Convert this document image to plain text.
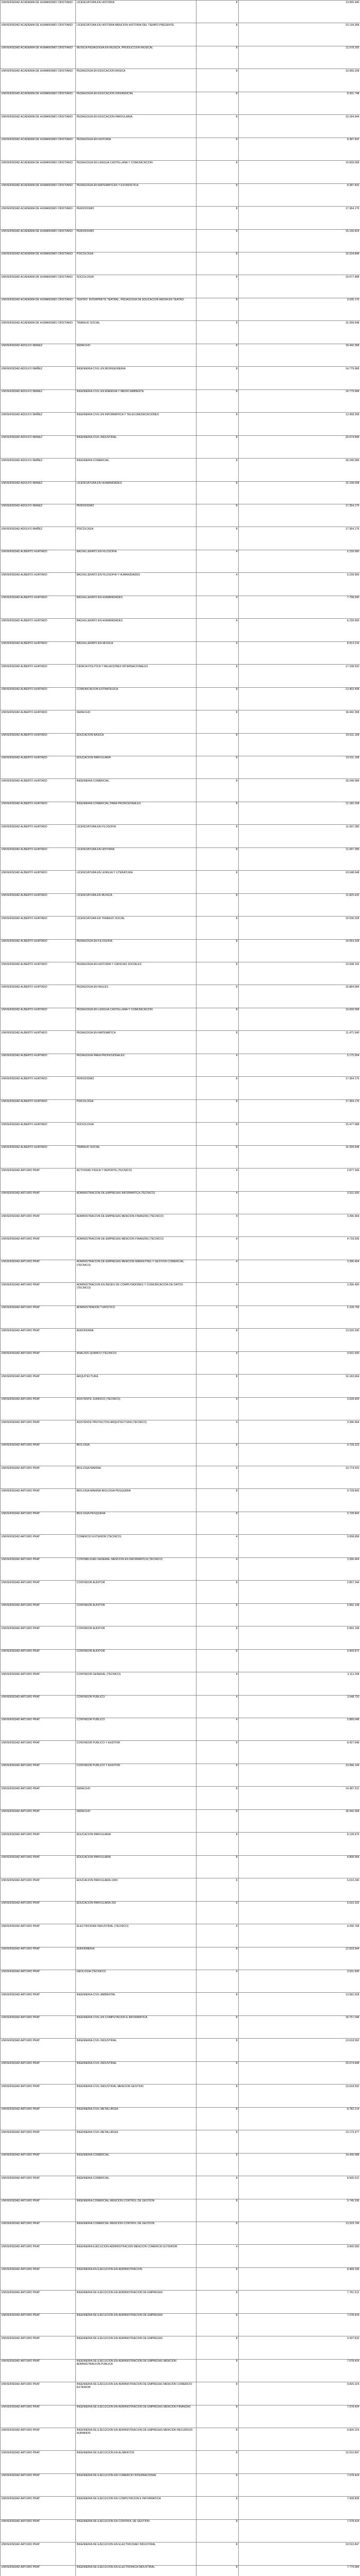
UNIVERSIDAD ACADEMIA DE HUMANISMO CRISTIANO	LICENCIATURA EN HISTORIA	8	13.565.440
UNIVERSIDAD ACADEMIA DE HUMANISMO CRISTIANO	LICENCIATURA EN HISTORIA MENCION HISTORIA DEL TIEMPO PRESENTE	8	10.134.368
UNIVERSIDAD ACADEMIA DE HUMANISMO CRISTIANO	MUSICA PEDAGOGIA EN MUSICA, PRODUCCION MUSICAL	8	11.578.255
UNIVERSIDAD ACADEMIA DE HUMANISMO CRISTIANO	PEDAGOGIA EN EDUCACION BASICA	8	10.955.208
UNIVERSIDAD ACADEMIA DE HUMANISMO CRISTIANO	PEDAGOGIA EN EDUCACION DIFERENCIAL	8	8.201.748
UNIVERSIDAD ACADEMIA DE HUMANISMO CRISTIANO	PEDAGOGIA EN EDUCACION PARVULARIA	8	10.184.944
UNIVERSIDAD ACADEMIA DE HUMANISMO CRISTIANO	PEDAGOGIA EN HISTORIA	8	8.387.832
UNIVERSIDAD ACADEMIA DE HUMANISMO CRISTIANO	PEDAGOGIA EN LENGUA CASTELLANA Y COMUNICACION	8	10.609.568
UNIVERSIDAD ACADEMIA DE HUMANISMO CRISTIANO	PEDAGOGIA EN MATEMATICAS Y ESTADISTICA	8	8.387.832
UNIVERSIDAD ACADEMIA DE HUMANISMO CRISTIANO	PERIODISMO	8	17.364.176
UNIVERSIDAD ACADEMIA DE HUMANISMO CRISTIANO	PERIODISMO	8	15.150.824
UNIVERSIDAD ACADEMIA DE HUMANISMO CRISTIANO	PSICOLOGIA	8	16.534.848
UNIVERSIDAD ACADEMIA DE HUMANISMO CRISTIANO	SOCIOLOGIA	8	14.577.488
UNIVERSIDAD ACADEMIA DE HUMANISMO CRISTIANO	TEATRO: INTERPRETE TEATRAL, PEDAGOGIA DE EDUCACION MEDIA EN TEATRO	8	9.030.176
UNIVERSIDAD ACADEMIA DE HUMANISMO CRISTIANO	TRABAJO SOCIAL	8	16.399.648
UNIVERSIDAD ADOLFO IBAÑEZ	DERECHO	8	18.442.368
UNIVERSIDAD ADOLFO IBAÑEZ	INGENIERIA CIVIL EN BIOINGENIERIA	8	14.779.968
UNIVERSIDAD ADOLFO IBAÑEZ	INGENIERIA CIVIL EN ENERGIA Y MEDIO AMBIENTE	8	14.779.968
UNIVERSIDAD ADOLFO IBAÑEZ	INGENIERIA CIVIL EN INFORMATICA Y TELECOMUNICACIONES	8	13.458.308
UNIVERSIDAD ADOLFO IBAÑEZ	INGENIERIA CIVIL INDUSTRIAL	8	20.674.848
UNIVERSIDAD ADOLFO IBAÑEZ	INGENIERIA COMERCIAL	8	18.240.584
UNIVERSIDAD ADOLFO IBAÑEZ	LICENCIATURA EN HUMANIDADES	8	15.108.008
UNIVERSIDAD ADOLFO IBAÑEZ	PERIODISMO	8	17.364.176
UNIVERSIDAD ADOLFO IBAÑEZ	PSICOLOGIA	8	17.364.176
UNIVERSIDAD ALBERTO HURTADO	BACHILLERATO EN FILOSOFIA	4	6.239.960
UNIVERSIDAD ALBERTO HURTADO	BACHILLERATO EN FILOSOFIA Y HUMANIDADES	4	6.239.960
UNIVERSIDAD ALBERTO HURTADO	BACHILLERATO EN HUMANIDADES	4	7.798.640
UNIVERSIDAD ALBERTO HURTADO	BACHILLERATO EN HUMANIDADES	4	6.239.960
UNIVERSIDAD ALBERTO HURTADO	BACHILLERATO EN MUSICA	4	8.913.216
UNIVERSIDAD ALBERTO HURTADO	CIENCIA POLITICA Y RELACIONES INTERNACIONALES	8	17.108.520
UNIVERSIDAD ALBERTO HURTADO	COMUNICACION ESTRATEGICA	8	13.403.408
UNIVERSIDAD ALBERTO HURTADO	DERECHO	8	18.442.368
UNIVERSIDAD ALBERTO HURTADO	EDUCACION BASICA	8	10.611.168
UNIVERSIDAD ALBERTO HURTADO	EDUCACION PARVULARIA	8	10.611.168
UNIVERSIDAD ALBERTO HURTADO	INGENIERIA COMERCIAL	8	18.240.584
UNIVERSIDAD ALBERTO HURTADO	INGENIERIA COMERCIAL PARA PROFESIONALES	8	11.182.208
UNIVERSIDAD ALBERTO HURTADO	LICENCIATURA EN FILOSOFIA	8	11.697.280
UNIVERSIDAD ALBERTO HURTADO	LICENCIATURA EN HISTORIA	8	11.697.280
UNIVERSIDAD ALBERTO HURTADO	LICENCIATURA EN LENGUA Y LITERATURA	8	10.048.648
UNIVERSIDAD ALBERTO HURTADO	LICENCIATURA EN MUSICA	8	11.825.632
UNIVERSIDAD ALBERTO HURTADO	LICENCIATURA EN TRABAJO SOCIAL	8	10.036.328
UNIVERSIDAD ALBERTO HURTADO	PEDAGOGIA EN FILOSOFIA	8	14.053.328
UNIVERSIDAD ALBERTO HURTADO	PEDAGOGIA EN HISTORIA Y CIENCIAS SOCIALES	8	10.938.192
UNIVERSIDAD ALBERTO HURTADO	PEDAGOGIA EN INGLES	8	15.884.584
UNIVERSIDAD ALBERTO HURTADO	PEDAGOGIA EN LENGUA CASTELLANA Y COMUNICACION	8	10.609.568
UNIVERSIDAD ALBERTO HURTADO	PEDAGOGIA EN MATEMATICA	8	11.471.640
UNIVERSIDAD ALBERTO HURTADO	PEDAGOGIA PARA PROFESIONALES	4	5.175.904
UNIVERSIDAD ALBERTO HURTADO	PERIODISMO	8	17.364.176
UNIVERSIDAD ALBERTO HURTADO	PSICOLOGIA	8	17.364.176
UNIVERSIDAD ALBERTO HURTADO	SOCIOLOGIA	8	15.477.688
UNIVERSIDAD ALBERTO HURTADO	TRABAJO SOCIAL	8	16.399.648
UNIVERSIDAD ARTURO PRAT	ACTIVIDAD FISICA Y DEPORTE (TECNICO)	4	2.877.344
UNIVERSIDAD ARTURO PRAT	ADMINISTRACION DE EMPRESAS INFORMATICA (TECNICO)	4	3.531.600
UNIVERSIDAD ARTURO PRAT	ADMINISTRACION DE EMPRESAS MENCION FINANZAS (TECNICO)	4	3.396.464
UNIVERSIDAD ARTURO PRAT	ADMINISTRACION DE EMPRESAS MENCION FINANZAS (TECNICO)	4	4.718.936
UNIVERSIDAD ARTURO PRAT	ADMINISTRACION DE EMPRESAS MENCION MARKETING Y GESTION COMERCIAL (TECNICO)	4	3.396.464
UNIVERSIDAD ARTURO PRAT	ADMINISTRACION EN REDES DE COMPUTADORES Y COMUNICACION DE DATOS (TECNICO)	4	3.396.400
UNIVERSIDAD ARTURO PRAT	ADMINISTRADOR TURISTICO	4	5.228.768
UNIVERSIDAD ARTURO PRAT	AGRONOMIA	8	13.520.240
UNIVERSIDAD ARTURO PRAT	ANALISIS QUIMICO (TECNICO)	4	3.531.600
UNIVERSIDAD ARTURO PRAT	ARQUITECTURA	8	16.183.664
UNIVERSIDAD ARTURO PRAT	ASISTENTE JURIDICO (TECNICO)	4	3.628.400
UNIVERSIDAD ARTURO PRAT	ASISTENTE PROYECTOS ARQUITECTURA (TECNICO)	4	3.396.464
UNIVERSIDAD ARTURO PRAT	BIOLOGIA	8	9.728.223
UNIVERSIDAD ARTURO PRAT	BIOLOGIA MARINA	8	10.774.520
UNIVERSIDAD ARTURO PRAT	BIOLOGIA MARINA-BIOLOGIA PESQUERA	8	9.728.843
UNIVERSIDAD ARTURO PRAT	BIOLOGIA PESQUERA	8	9.728.843
UNIVERSIDAD ARTURO PRAT	COMERCIO EXTERIOR (TECNICO)	4	3.658.808
UNIVERSIDAD ARTURO PRAT	CONTABILIDAD GENERAL MENCION EN INFORMATICA (TECNICO)	4	3.396.464
UNIVERSIDAD ARTURO PRAT	CONTADOR AUDITOR	8	2.857.344
UNIVERSIDAD ARTURO PRAT	CONTADOR AUDITOR	8	5.892.108
UNIVERSIDAD ARTURO PRAT	CONTADOR AUDITOR	8	5.892.108
UNIVERSIDAD ARTURO PRAT	CONTADOR AUDITOR	8	9.909.872
UNIVERSIDAD ARTURO PRAT	CONTADOR GENERAL (TECNICO)	4	3.112.208
UNIVERSIDAD ARTURO PRAT	CONTADOR PUBLICO	4	3.048.720
UNIVERSIDAD ARTURO PRAT	CONTADOR PUBLICO	4	5.889.048
UNIVERSIDAD ARTURO PRAT	CONTADOR PUBLICO Y AUDITOR	8	8.427.648
UNIVERSIDAD ARTURO PRAT	CONTADOR PUBLICO Y AUDITOR	8	10.996.144
UNIVERSIDAD ARTURO PRAT	DERECHO	8	14.387.312
UNIVERSIDAD ARTURO PRAT	DERECHO	8	18.442.368
UNIVERSIDAD ARTURO PRAT	EDUCACION PARVULARIA	8	8.128.576
UNIVERSIDAD ARTURO PRAT	EDUCACION PARVULARIA	8	8.808.584
UNIVERSIDAD ARTURO PRAT	EDUCACION PARVULARIA 1000	6	6.610.240
UNIVERSIDAD ARTURO PRAT	EDUCACION PARVULARIA 262	6	6.610.332
UNIVERSIDAD ARTURO PRAT	ELECTRICIDAD INDUSTRIAL (TECNICO)	4	4.290.768
UNIVERSIDAD ARTURO PRAT	ENFERMERIA	8	12.818.944
UNIVERSIDAD ARTURO PRAT	GEOLOGIA (TECNICO)	4	3.531.600
UNIVERSIDAD ARTURO PRAT	INGENIERIA CIVIL AMBIENTAL	8	13.582.928
UNIVERSIDAD ARTURO PRAT	INGENIERIA CIVIL EN COMPUTACION E INFORMATICA	8	18.757.048
UNIVERSIDAD ARTURO PRAT	INGENIERIA CIVIL INDUSTRIAL	8	13.618.592
UNIVERSIDAD ARTURO PRAT	INGENIERIA CIVIL INDUSTRIAL	8	20.674.848
UNIVERSIDAD ARTURO PRAT	INGENIERIA CIVIL INDUSTRIAL MENCION GESTION	8	13.618.592
UNIVERSIDAD ARTURO PRAT	INGENIERIA CIVIL METALURGIA	8	8.782.214
UNIVERSIDAD ARTURO PRAT	INGENIERIA CIVIL METALURGIA	8	13.173.477
UNIVERSIDAD ARTURO PRAT	INGENIERIA COMERCIAL	8	14.430.088
UNIVERSIDAD ARTURO PRAT	INGENIERIA COMERCIAL	8	8.505.512
UNIVERSIDAD ARTURO PRAT	INGENIERIA COMERCIAL MENCION CONTROL DE GESTION	8	9.745.336
UNIVERSIDAD ARTURO PRAT	INGENIERIA COMERCIAL MENCION CONTROL DE GESTION	8	13.329.749
UNIVERSIDAD ARTURO PRAT	INGENIERIA EJECUCION ADMINISTRACION MENCION COMERCIO EXTERIOR	4	9.900.560
UNIVERSIDAD ARTURO PRAT	INGENIERIA EN EJECUCION EN ADMINISTRACION	8	8.468.296
UNIVERSIDAD ARTURO PRAT	INGENIERIA DE EJECUCION EN ADMINISTRACION DE EMPRESAS	8	7.761.512
UNIVERSIDAD ARTURO PRAT	INGENIERIA DE EJECUCION EN ADMINISTRACION DE EMPRESAS	8	7.078.424
UNIVERSIDAD ARTURO PRAT	INGENIERIA DE EJECUCION EN ADMINISTRACION DE EMPRESAS	8	9.437.816
UNIVERSIDAD ARTURO PRAT	INGENIERIA DE EJECUCION EN ADMINISTRACION DE EMPRESAS MENCION ADMINISTRACION PUBLICA	8	7.078.424
UNIVERSIDAD ARTURO PRAT	INGENIERIA DE EJECUCION EN ADMINISTRACION DE EMPRESAS MENCION COMERCIO EXTERIOR	8	9.820.224
UNIVERSIDAD ARTURO PRAT	INGENIERIA DE EJECUCION EN ADMINISTRACION DE EMPRESAS MENCION FINANZAS	8	7.078.424
UNIVERSIDAD ARTURO PRAT	INGENIERIA DE EJECUCION EN ADMINISTRACION DE EMPRESAS MENCION RECURSOS HUMANOS	8	9.820.224
UNIVERSIDAD ARTURO PRAT	INGENIERIA DE EJECUCION EN ALIMENTOS	8	10.510.847
UNIVERSIDAD ARTURO PRAT	INGENIERIA DE EJECUCION EN COMERCIO INTERNACIONAL	8	7.078.424
UNIVERSIDAD ARTURO PRAT	INGENIERIA DE EJECUCION EN COMPUTACION E INFORMATICA	8	7.508.808
UNIVERSIDAD ARTURO PRAT	INGENIERIA DE EJECUCION EN CONTROL DE GESTION	8	7.078.424
UNIVERSIDAD ARTURO PRAT	INGENIERIA DE EJECUCION EN ELECTRICIDAD INDUSTRIAL	8	10.510.847
UNIVERSIDAD ARTURO PRAT	INGENIERIA DE EJECUCION EN ELECTRONICA INDUSTRIAL	8	7.779.584
